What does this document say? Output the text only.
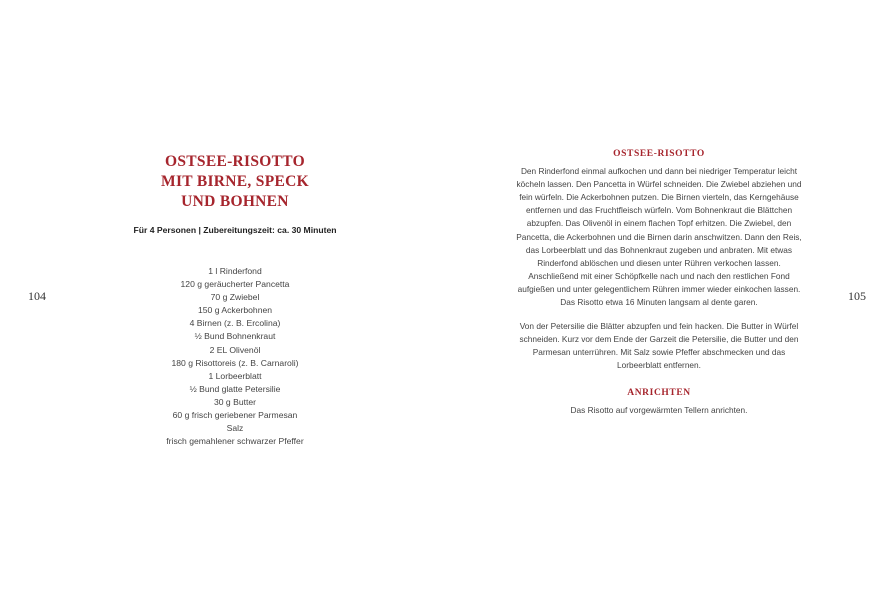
104	105
OSTSEE-RISOTTO
MIT BIRNE, SPECK
UND BOHNEN
Für 4 Personen | Zubereitungszeit: ca. 30 Minuten
1 l Rinderfond
120 g geräucherter Pancetta
70 g Zwiebel
150 g Ackerbohnen
4 Birnen (z. B. Ercolina)
½ Bund Bohnenkraut
2 EL Olivenöl
180 g Risottoreis (z. B. Carnaroli)
1 Lorbeerblatt
½ Bund glatte Petersilie
30 g Butter
60 g frisch geriebener Parmesan
Salz
frisch gemahlener schwarzer Pfeffer
OSTSEE-RISOTTO

Den Rinderfond einmal aufkochen und dann bei niedriger Temperatur leicht köcheln lassen. Den Pancetta in Würfel schneiden. Die Zwiebel abziehen und fein würfeln. Die Ackerbohnen putzen. Die Birnen vierteln, das Kerngehäuse entfernen und das Fruchtfleisch würfeln. Vom Bohnenkraut die Blättchen abzupfen. Das Olivenöl in einem flachen Topf erhitzen. Die Zwiebel, den Pancetta, die Ackerbohnen und die Birnen darin anschwitzen. Dann den Reis, das Lorbeerblatt und das Bohnenkraut zugeben und anbraten. Mit etwas Rinderfond ablöschen und diesen unter Rühren verkochen lassen. Anschließend mit einer Schöpfkelle nach und nach den restlichen Fond aufgießen und unter gelegentlichem Rühren immer wieder einkochen lassen. Das Risotto etwa 16 Minuten langsam al dente garen.

Von der Petersilie die Blätter abzupfen und fein hacken. Die Butter in Würfel schneiden. Kurz vor dem Ende der Garzeit die Petersilie, die Butter und den Parmesan unterrühren. Mit Salz sowie Pfeffer abschmecken und das Lorbeerblatt entfernen.

ANRICHTEN

Das Risotto auf vorgewärmten Tellern anrichten.
